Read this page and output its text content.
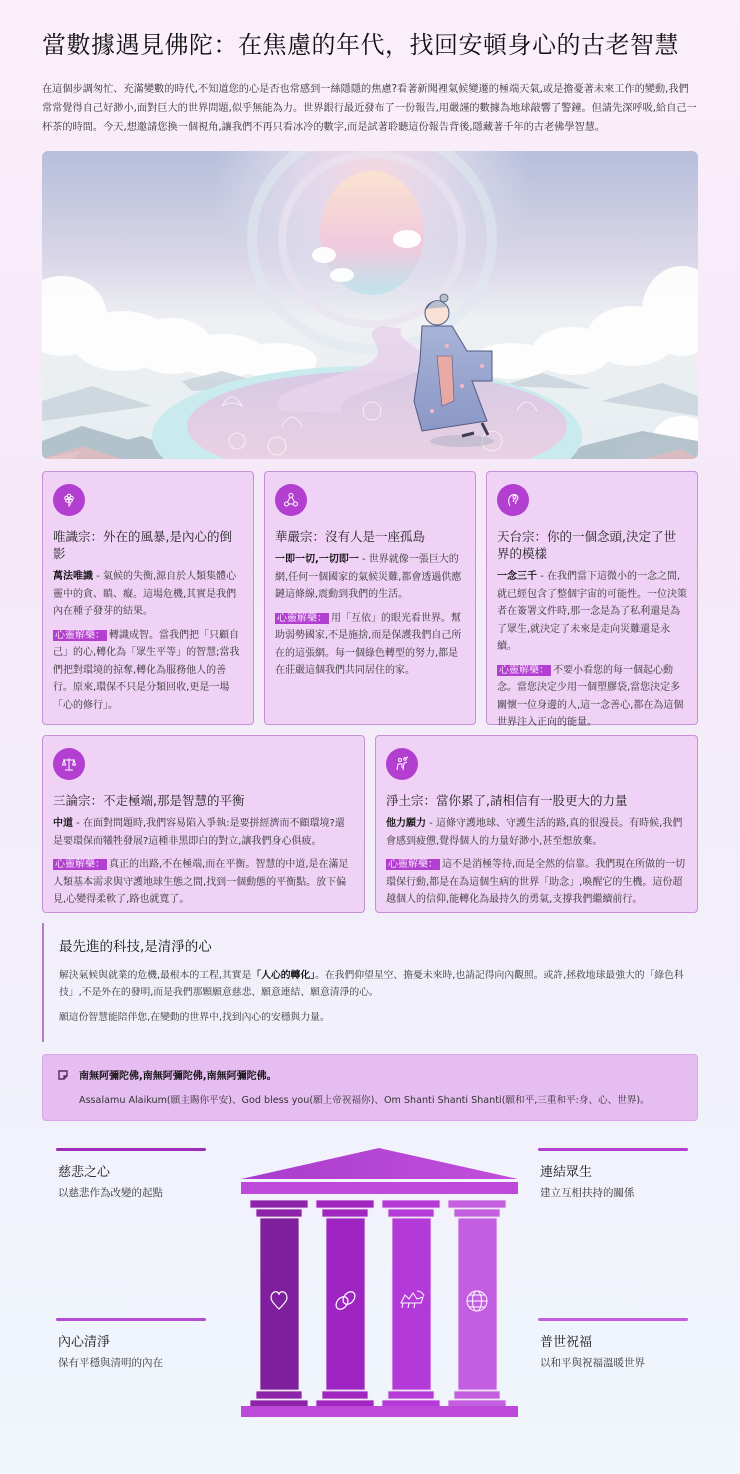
當數據遇見佛陀：在焦慮的年代，找回安頓身心的古老智慧

在這個步調匆忙、充滿變數的時代,不知道您的心是否也常感到一絲隱隱的焦慮?看著新聞裡氣候變遷的極端天氣,或是擔憂著未來工作的變動,我們常常覺得自己好渺小,面對巨大的世界問題,似乎無能為力。世界銀行最近發布了一份報告,用嚴謹的數據為地球敲響了警鐘。但請先深呼吸,給自己一杯茶的時間。今天,想邀請您換一個視角,讓我們不再只看冰冷的數字,而是試著聆聽這份報告背後,隱藏著千年的古老佛學智慧。

唯識宗：外在的風暴,是內心的倒影

萬法唯識 - 氣候的失衡,源自於人類集體心靈中的貪、瞋、癡。這場危機,其實是我們內在種子發芽的結果。

心靈解藥： 轉識成智。當我們把「只顧自己」的心,轉化為「眾生平等」的智慧;當我們把對環境的掠奪,轉化為服務他人的善行。原來,環保不只是分類回收,更是一場「心的修行」。

華嚴宗：沒有人是一座孤島

一即一切,一切即一 - 世界就像一張巨大的網,任何一個國家的氣候災難,都會透過供應鏈這條線,震動到我們的生活。

心靈解藥： 用「互依」的眼光看世界。幫助弱勢國家,不是施捨,而是保護我們自己所在的這張網。每一個綠色轉型的努力,都是在莊嚴這個我們共同居住的家。

天台宗：你的一個念頭,決定了世界的模樣

一念三千 - 在我們當下這微小的一念之間,就已經包含了整個宇宙的可能性。一位決策者在簽署文件時,那一念是為了私利還是為了眾生,就決定了未來是走向災難還是永續。

心靈解藥： 不要小看您的每一個起心動念。當您決定少用一個塑膠袋,當您決定多關懷一位身邊的人,這一念善心,都在為這個世界注入正向的能量。

三論宗：不走極端,那是智慧的平衡

中道 - 在面對問題時,我們容易陷入爭執:是要拼經濟而不顧環境?還是要環保而犧牲發展?這種非黑即白的對立,讓我們身心俱疲。

心靈解藥： 真正的出路,不在極端,而在平衡。智慧的中道,是在滿足人類基本需求與守護地球生態之間,找到一個動態的平衡點。放下偏見,心變得柔軟了,路也就寬了。

淨土宗：當你累了,請相信有一股更大的力量

他力願力 - 這條守護地球、守護生活的路,真的很漫長。有時候,我們會感到疲憊,覺得個人的力量好渺小,甚至想放棄。

心靈解藥： 這不是消極等待,而是全然的信靠。我們現在所做的一切環保行動,都是在為這個生病的世界「助念」,喚醒它的生機。這份超越個人的信仰,能轉化為最持久的勇氣,支撐我們繼續前行。

最先進的科技,是清淨的心

解決氣候與就業的危機,最根本的工程,其實是「人心的轉化」。在我們仰望星空、擔憂未來時,也請記得向內觀照。或許,拯救地球最強大的「綠色科技」,不是外在的發明,而是我們那顆願意慈悲、願意連結、願意清淨的心。

願這份智慧能陪伴您,在變動的世界中,找到內心的安穩與力量。

南無阿彌陀佛,南無阿彌陀佛,南無阿彌陀佛。
Assalamu Alaikum(願主賜你平安)、God bless you(願上帝祝福你)、Om Shanti Shanti Shanti(願和平,三重和平:身、心、世界)。
慈悲之心
以慈悲作為改變的起點
連結眾生
建立互相扶持的關係
內心清淨
保有平穩與清明的內在
普世祝福
以和平與祝福溫暖世界
